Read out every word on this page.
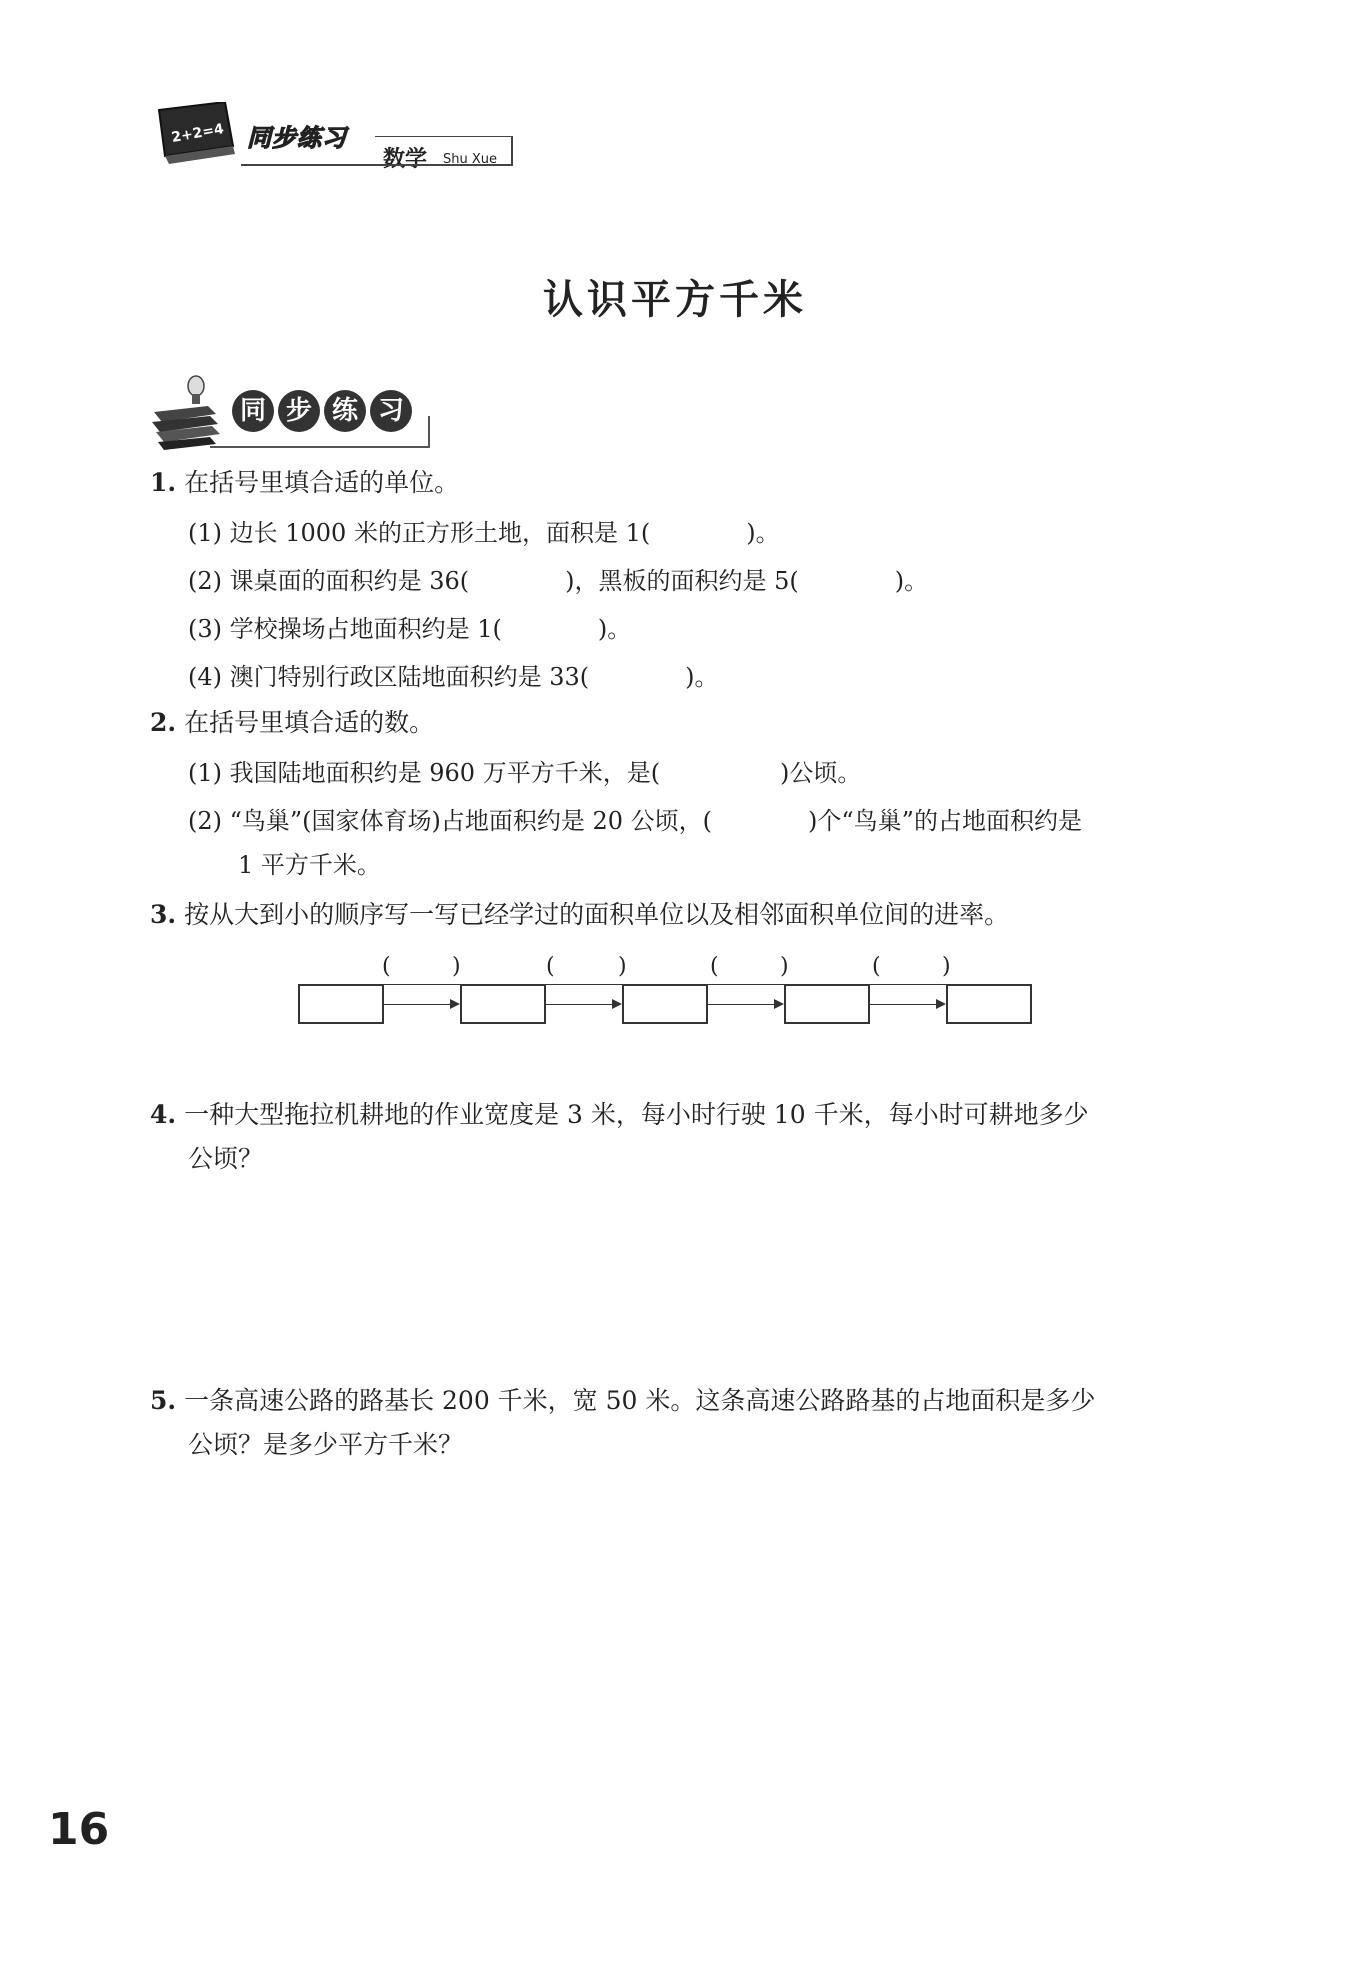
2+2=4 同步练习
数学 Shu Xue
认识平方千米
同 步 练 习
1. 在括号里填合适的单位。
(1) 边长 1000 米的正方形土地，面积是 1(　　　　)。
(2) 课桌面的面积约是 36(　　　　)，黑板的面积约是 5(　　　　)。
(3) 学校操场占地面积约是 1(　　　　)。
(4) 澳门特别行政区陆地面积约是 33(　　　　)。
2. 在括号里填合适的数。
(1) 我国陆地面积约是 960 万平方千米，是(　　　　　)公顷。
(2) “鸟巢”(国家体育场)占地面积约是 20 公顷，(　　　　)个“鸟巢”的占地面积约是
1 平方千米。
3. 按从大到小的顺序写一写已经学过的面积单位以及相邻面积单位间的进率。
(	)	(	)	(	)	(	)
4. 一种大型拖拉机耕地的作业宽度是 3 米，每小时行驶 10 千米，每小时可耕地多少
公顷？
5. 一条高速公路的路基长 200 千米，宽 50 米。这条高速公路路基的占地面积是多少
公顷？是多少平方千米？
16
